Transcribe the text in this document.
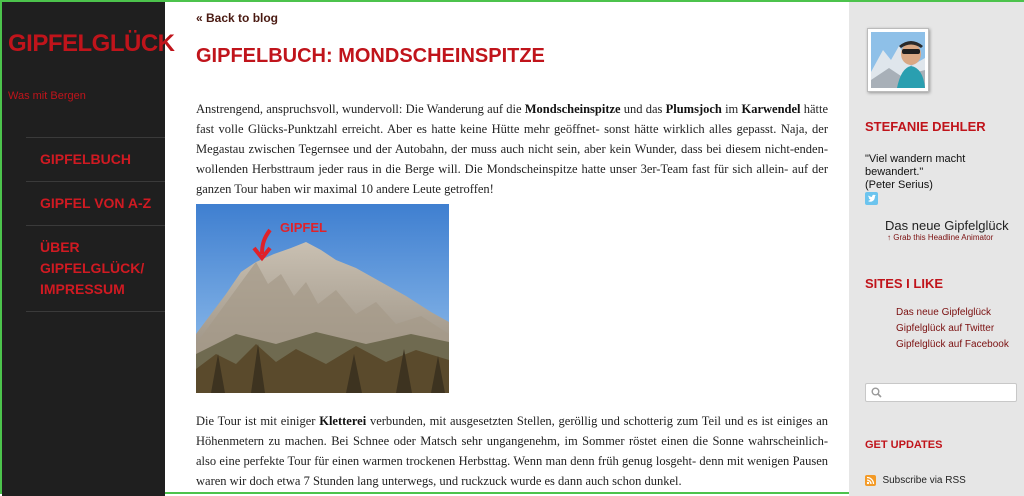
GIPFELGLÜCK
Was mit Bergen
GIPFELBUCH
GIPFEL VON A-Z
ÜBER GIPFELGLÜCK/ IMPRESSUM
« Back to blog
GIPFELBUCH: MONDSCHEINSPITZE

Anstrengend, anspruchsvoll, wundervoll: Die Wanderung auf die Mondscheinspitze und das Plumsjoch im Karwendel hätte fast volle Glücks-Punktzahl erreicht. Aber es hatte keine Hütte mehr geöffnet- sonst hätte wirklich alles gepasst. Naja, der Megastau zwischen Tegernsee und der Autobahn, der muss auch nicht sein, aber kein Wunder, dass bei diesem nicht-enden-wollenden Herbsttraum jeder raus in die Berge will. Die Mondscheinspitze hatte unser 3er-Team fast für sich allein- auf der ganzen Tour haben wir maximal 10 andere Leute getroffen!

GIPFEL

Die Tour ist mit einiger Kletterei verbunden, mit ausgesetzten Stellen, geröllig und schotterig zum Teil und es ist einiges an Höhenmetern zu machen. Bei Schnee oder Matsch sehr ungangenehm, im Sommer röstet einen die Sonne wahrscheinlich- also eine perfekte Tour für einen warmen trockenen Herbsttag. Wenn man denn früh genug losgeht- denn mit wenigen Pausen waren wir doch etwa 7 Stunden lang unterwegs, und ruckzuck wurde es dann auch schon dunkel.

STEFANIE DEHLER
"Viel wandern macht bewandert."
(Peter Serius)
Das neue Gipfelglück
↑ Grab this Headline Animator
SITES I LIKE
Das neue Gipfelglück
Gipfelglück auf Twitter
Gipfelglück auf Facebook
GET UPDATES
Subscribe via RSS
